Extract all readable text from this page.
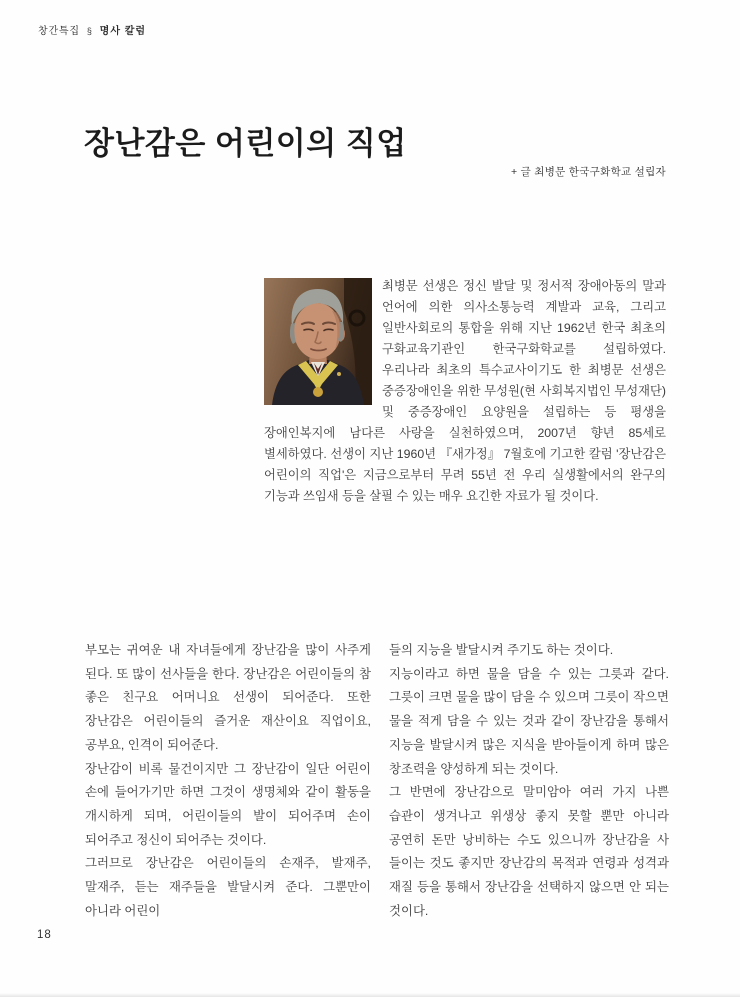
창간특집 § 명사 칼럼
장난감은 어린이의 직업
+ 글 최병문 한국구화학교 설립자
최병문 선생은 정신 발달 및 정서적 장애아동의 말과 언어에 의한 의사소통능력 계발과 교육, 그리고 일반사회로의 통합을 위해 지난 1962년 한국 최초의 구화교육기관인 한국구화학교를 설립하였다. 우리나라 최초의 특수교사이기도 한 최병문 선생은 중증장애인을 위한 무성원(현 사회복지법인 무성재단) 및 중증장애인 요양원을 설립하는 등 평생을 장애인복지에 남다른 사랑을 실천하였으며, 2007년 향년 85세로 별세하였다. 선생이 지난 1960년 『새가정』 7월호에 기고한 칼럼 '장난감은 어린이의 직업'은 지금으로부터 무려 55년 전 우리 실생활에서의 완구의 기능과 쓰임새 등을 살필 수 있는 매우 요긴한 자료가 될 것이다.

부모는 귀여운 내 자녀들에게 장난감을 많이 사주게 된다. 또 많이 선사들을 한다. 장난감은 어린이들의 참 좋은 친구요 어머니요 선생이 되어준다. 또한 장난감은 어린이들의 즐거운 재산이요 직업이요, 공부요, 인격이 되어준다.

장난감이 비록 물건이지만 그 장난감이 일단 어린이 손에 들어가기만 하면 그것이 생명체와 같이 활동을 개시하게 되며, 어린이들의 발이 되어주며 손이 되어주고 정신이 되어주는 것이다.

그러므로 장난감은 어린이들의 손재주, 발재주, 말재주, 듣는 재주들을 발달시켜 준다. 그뿐만이 아니라 어린이

들의 지능을 발달시켜 주기도 하는 것이다.

지능이라고 하면 물을 담을 수 있는 그릇과 같다. 그릇이 크면 물을 많이 담을 수 있으며 그릇이 작으면 물을 적게 담을 수 있는 것과 같이 장난감을 통해서 지능을 발달시켜 많은 지식을 받아들이게 하며 많은 창조력을 양성하게 되는 것이다.

그 반면에 장난감으로 말미암아 여러 가지 나쁜 습관이 생겨나고 위생상 좋지 못할 뿐만 아니라 공연히 돈만 낭비하는 수도 있으니까 장난감을 사 들이는 것도 좋지만 장난감의 목적과 연령과 성격과 재질 등을 통해서 장난감을 선택하지 않으면 안 되는 것이다.

18
